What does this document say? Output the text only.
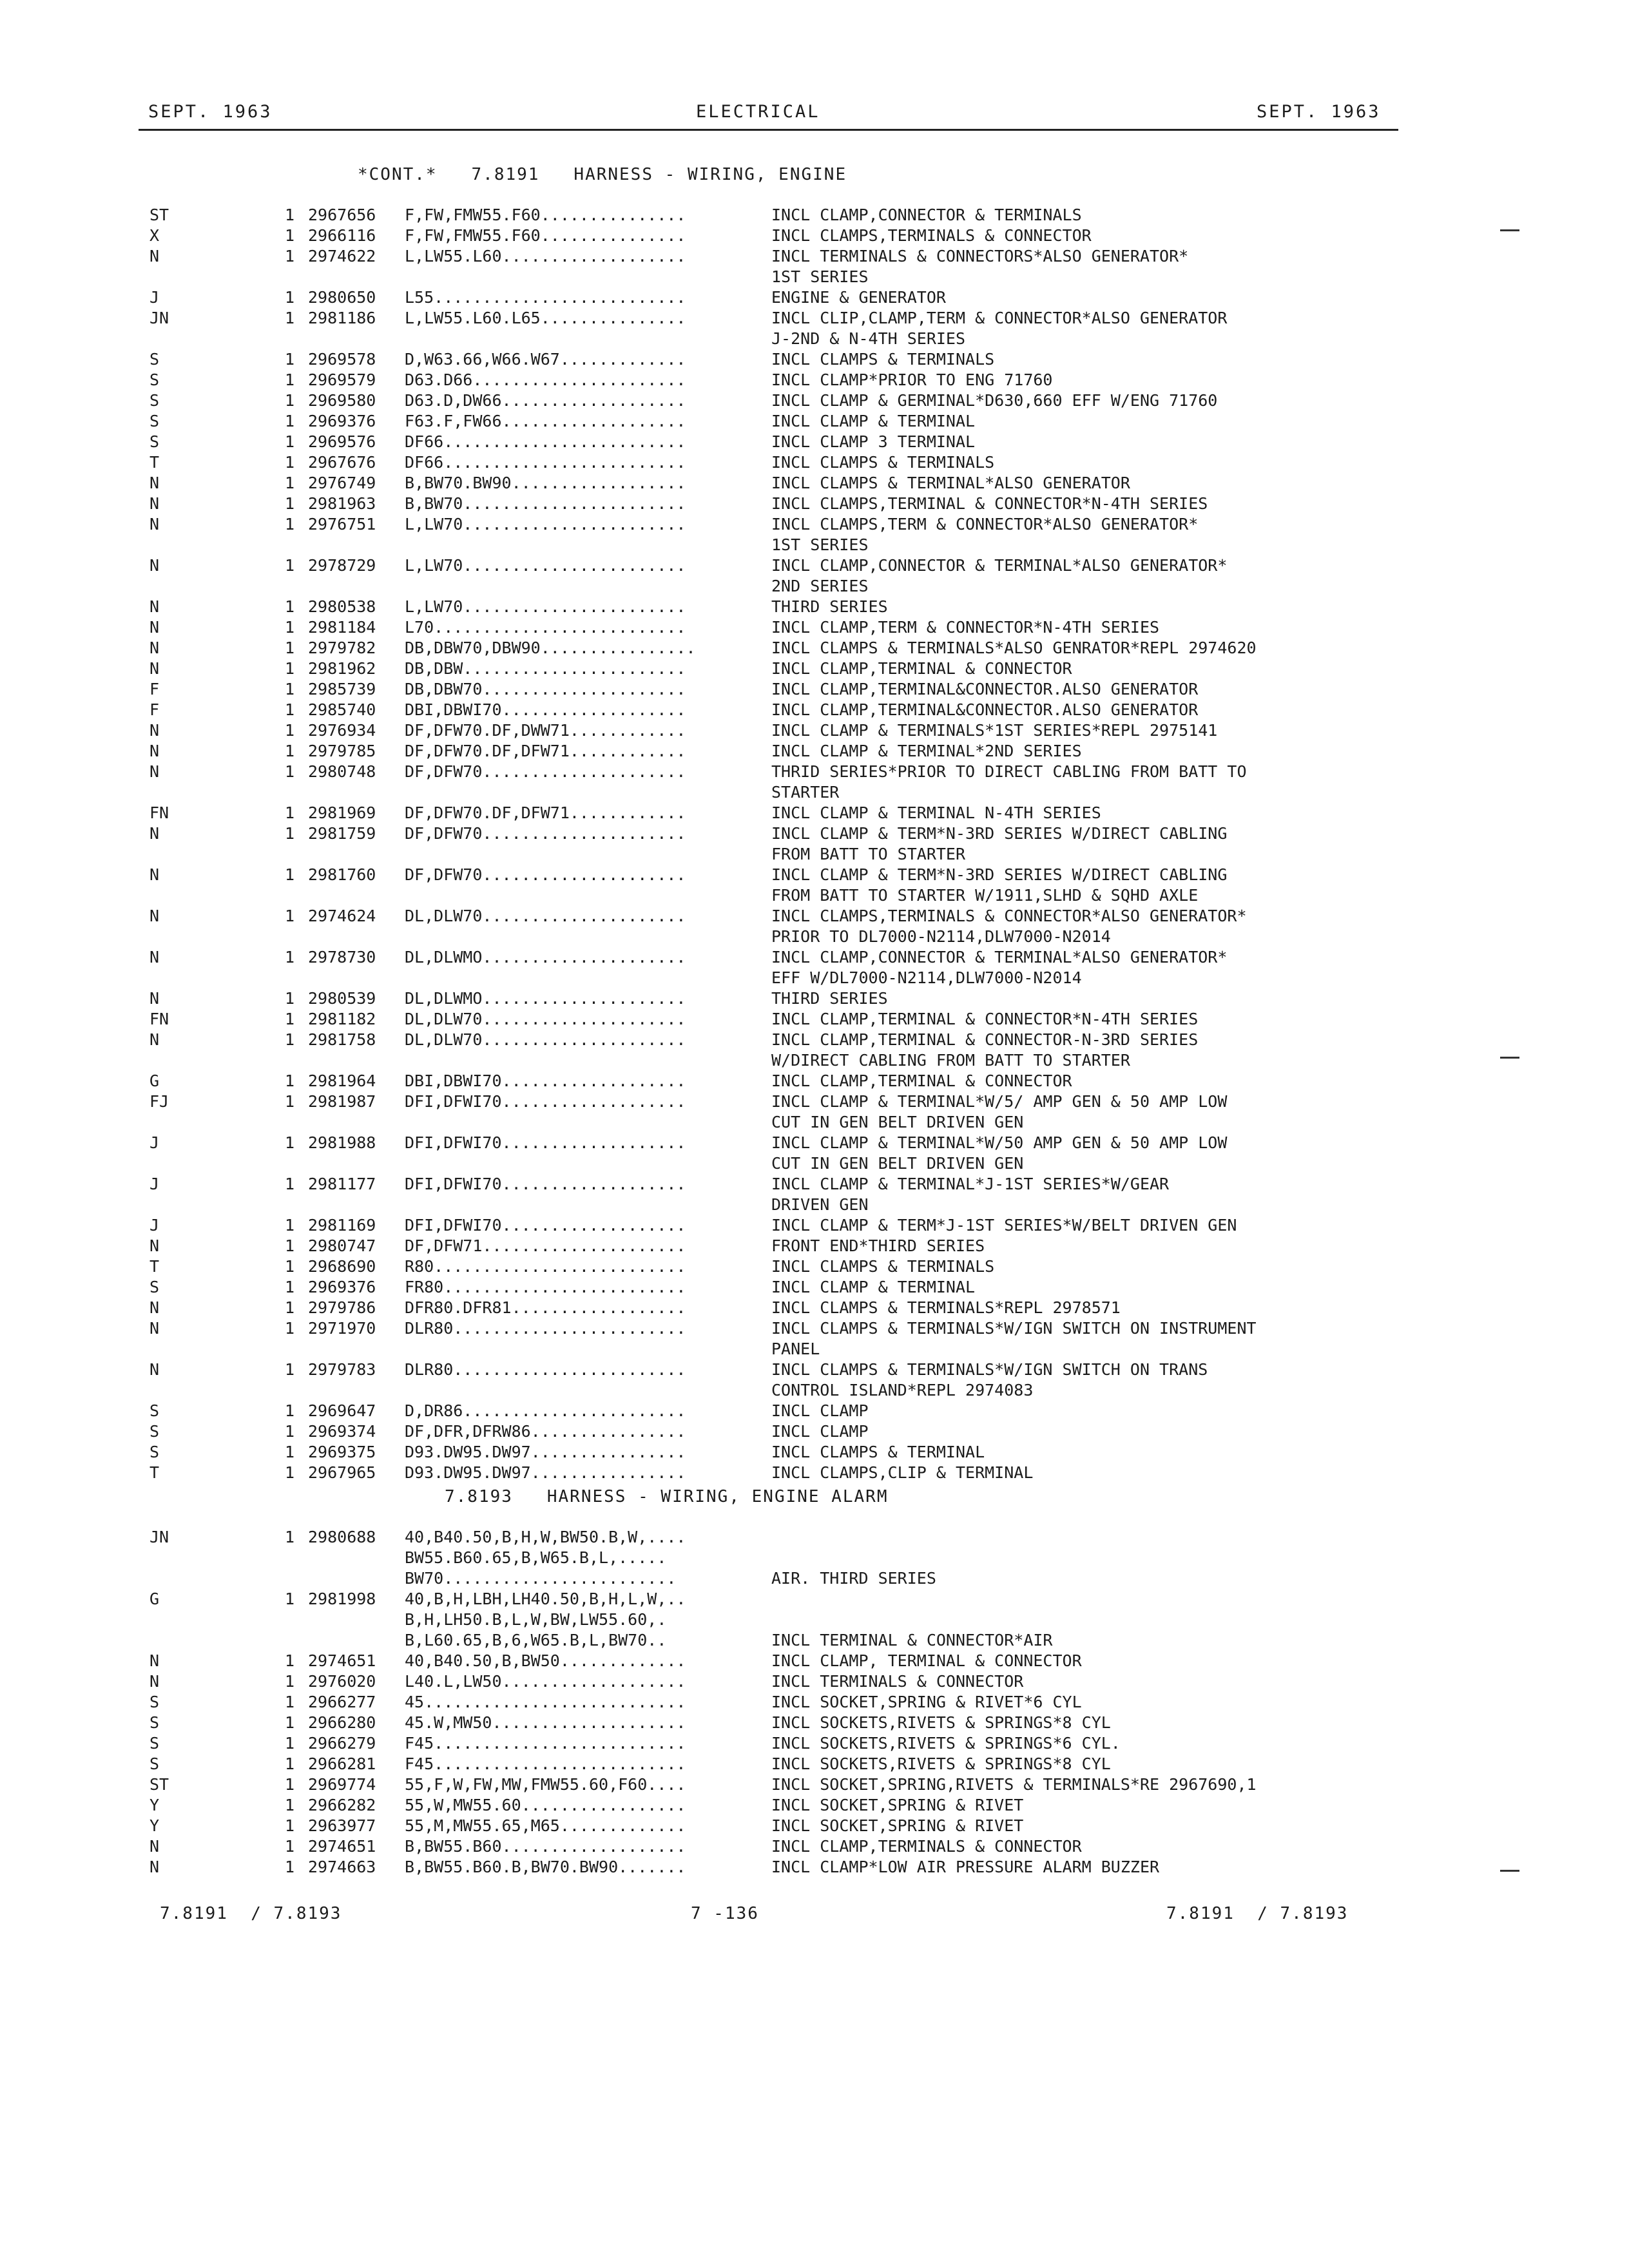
SEPT. 1963	ELECTRICAL	SEPT. 1963
*CONT.*   7.8191   HARNESS - WIRING, ENGINE
ST	1 2967656 F,FW,FMW55.F60...............	INCL CLAMP,CONNECTOR & TERMINALS
X	1 2966116 F,FW,FMW55.F60...............	INCL CLAMPS,TERMINALS & CONNECTOR
N	1 2974622 L,LW55.L60...................	INCL TERMINALS & CONNECTORS*ALSO GENERATOR*
1ST SERIES
J	1 2980650 L55..........................	ENGINE & GENERATOR
JN	1 2981186 L,LW55.L60.L65...............	INCL CLIP,CLAMP,TERM & CONNECTOR*ALSO GENERATOR
J-2ND & N-4TH SERIES
S	1 2969578 D,W63.66,W66.W67.............	INCL CLAMPS & TERMINALS
S	1 2969579 D63.D66......................	INCL CLAMP*PRIOR TO ENG 71760
S	1 2969580 D63.D,DW66...................	INCL CLAMP & GERMINAL*D630,660 EFF W/ENG 71760
S	1 2969376 F63.F,FW66...................	INCL CLAMP & TERMINAL
S	1 2969576 DF66.........................	INCL CLAMP 3 TERMINAL
T	1 2967676 DF66.........................	INCL CLAMPS & TERMINALS
N	1 2976749 B,BW70.BW90..................	INCL CLAMPS & TERMINAL*ALSO GENERATOR
N	1 2981963 B,BW70.......................	INCL CLAMPS,TERMINAL & CONNECTOR*N-4TH SERIES
N	1 2976751 L,LW70.......................	INCL CLAMPS,TERM & CONNECTOR*ALSO GENERATOR*
1ST SERIES
N	1 2978729 L,LW70.......................	INCL CLAMP,CONNECTOR & TERMINAL*ALSO GENERATOR*
2ND SERIES
N	1 2980538 L,LW70.......................	THIRD SERIES
N	1 2981184 L70..........................	INCL CLAMP,TERM & CONNECTOR*N-4TH SERIES
N	1 2979782 DB,DBW70,DBW90................	INCL CLAMPS & TERMINALS*ALSO GENRATOR*REPL 2974620
N	1 2981962 DB,DBW.......................	INCL CLAMP,TERMINAL & CONNECTOR
F	1 2985739 DB,DBW70.....................	INCL CLAMP,TERMINAL&CONNECTOR.ALSO GENERATOR
F	1 2985740 DBI,DBWI70...................	INCL CLAMP,TERMINAL&CONNECTOR.ALSO GENERATOR
N	1 2976934 DF,DFW70.DF,DWW71............	INCL CLAMP & TERMINALS*1ST SERIES*REPL 2975141
N	1 2979785 DF,DFW70.DF,DFW71............	INCL CLAMP & TERMINAL*2ND SERIES
N	1 2980748 DF,DFW70.....................	THRID SERIES*PRIOR TO DIRECT CABLING FROM BATT TO
STARTER
FN	1 2981969 DF,DFW70.DF,DFW71............	INCL CLAMP & TERMINAL N-4TH SERIES
N	1 2981759 DF,DFW70.....................	INCL CLAMP & TERM*N-3RD SERIES W/DIRECT CABLING
FROM BATT TO STARTER
N	1 2981760 DF,DFW70.....................	INCL CLAMP & TERM*N-3RD SERIES W/DIRECT CABLING
FROM BATT TO STARTER W/1911,SLHD & SQHD AXLE
N	1 2974624 DL,DLW70.....................	INCL CLAMPS,TERMINALS & CONNECTOR*ALSO GENERATOR*
PRIOR TO DL7000-N2114,DLW7000-N2014
N	1 2978730 DL,DLWMO.....................	INCL CLAMP,CONNECTOR & TERMINAL*ALSO GENERATOR*
EFF W/DL7000-N2114,DLW7000-N2014
N	1 2980539 DL,DLWMO.....................	THIRD SERIES
FN	1 2981182 DL,DLW70.....................	INCL CLAMP,TERMINAL & CONNECTOR*N-4TH SERIES
N	1 2981758 DL,DLW70.....................	INCL CLAMP,TERMINAL & CONNECTOR-N-3RD SERIES
W/DIRECT CABLING FROM BATT TO STARTER
G	1 2981964 DBI,DBWI70...................	INCL CLAMP,TERMINAL & CONNECTOR
FJ	1 2981987 DFI,DFWI70...................	INCL CLAMP & TERMINAL*W/5/ AMP GEN & 50 AMP LOW
CUT IN GEN BELT DRIVEN GEN
J	1 2981988 DFI,DFWI70...................	INCL CLAMP & TERMINAL*W/50 AMP GEN & 50 AMP LOW
CUT IN GEN BELT DRIVEN GEN
J	1 2981177 DFI,DFWI70...................	INCL CLAMP & TERMINAL*J-1ST SERIES*W/GEAR
DRIVEN GEN
J	1 2981169 DFI,DFWI70...................	INCL CLAMP & TERM*J-1ST SERIES*W/BELT DRIVEN GEN
N	1 2980747 DF,DFW71.....................	FRONT END*THIRD SERIES
T	1 2968690 R80..........................	INCL CLAMPS & TERMINALS
S	1 2969376 FR80.........................	INCL CLAMP & TERMINAL
N	1 2979786 DFR80.DFR81..................	INCL CLAMPS & TERMINALS*REPL 2978571
N	1 2971970 DLR80........................	INCL CLAMPS & TERMINALS*W/IGN SWITCH ON INSTRUMENT
PANEL
N	1 2979783 DLR80........................	INCL CLAMPS & TERMINALS*W/IGN SWITCH ON TRANS
CONTROL ISLAND*REPL 2974083
S	1 2969647 D,DR86.......................	INCL CLAMP
S	1 2969374 DF,DFR,DFRW86................	INCL CLAMP
S	1 2969375 D93.DW95.DW97................	INCL CLAMPS & TERMINAL
T	1 2967965 D93.DW95.DW97................	INCL CLAMPS,CLIP & TERMINAL
7.8193   HARNESS - WIRING, ENGINE ALARM
JN	1 2980688 40,B40.50,B,H,W,BW50.B,W,....
BW55.B60.65,B,W65.B,L,.....
BW70........................	AIR. THIRD SERIES
G	1 2981998 40,B,H,LBH,LH40.50,B,H,L,W,..
B,H,LH50.B,L,W,BW,LW55.60,.
B,L60.65,B,6,W65.B,L,BW70..	INCL TERMINAL & CONNECTOR*AIR
N	1 2974651 40,B40.50,B,BW50.............	INCL CLAMP, TERMINAL & CONNECTOR
N	1 2976020 L40.L,LW50...................	INCL TERMINALS & CONNECTOR
S	1 2966277 45...........................	INCL SOCKET,SPRING & RIVET*6 CYL
S	1 2966280 45.W,MW50....................	INCL SOCKETS,RIVETS & SPRINGS*8 CYL
S	1 2966279 F45..........................	INCL SOCKETS,RIVETS & SPRINGS*6 CYL.
S	1 2966281 F45..........................	INCL SOCKETS,RIVETS & SPRINGS*8 CYL
ST	1 2969774 55,F,W,FW,MW,FMW55.60,F60....	INCL SOCKET,SPRING,RIVETS & TERMINALS*RE 2967690,1
Y	1 2966282 55,W,MW55.60.................	INCL SOCKET,SPRING & RIVET
Y	1 2963977 55,M,MW55.65,M65.............	INCL SOCKET,SPRING & RIVET
N	1 2974651 B,BW55.B60...................	INCL CLAMP,TERMINALS & CONNECTOR
N	1 2974663 B,BW55.B60.B,BW70.BW90.......	INCL CLAMP*LOW AIR PRESSURE ALARM BUZZER
7.8191  / 7.8193	7 -136	7.8191  / 7.8193
